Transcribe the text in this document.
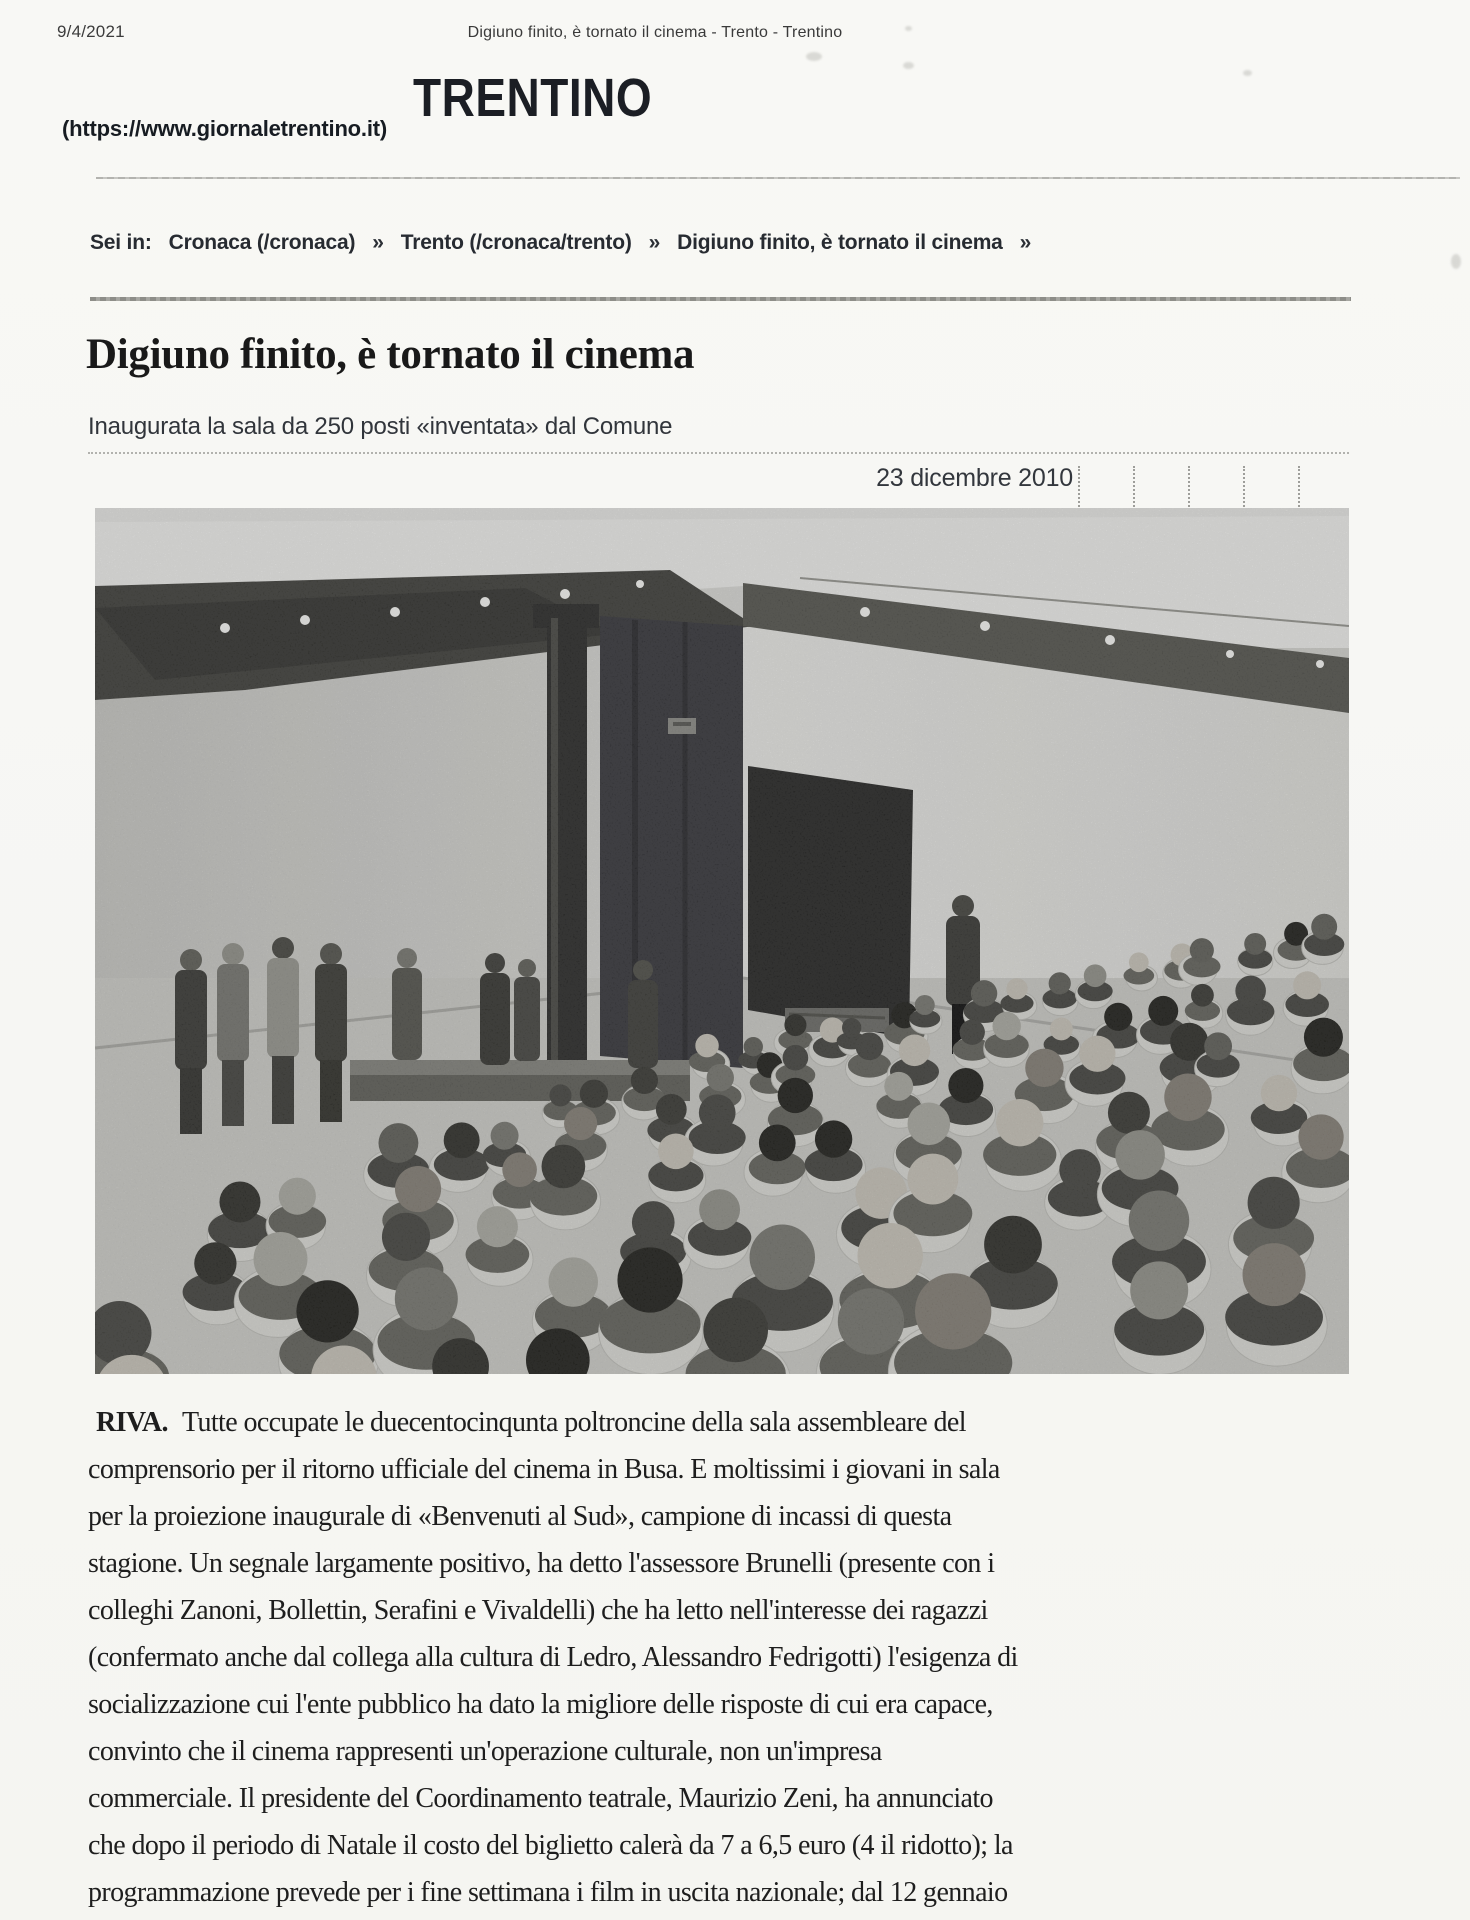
9/4/2021	Digiuno finito, è tornato il cinema - Trento - Trentino
TRENTINO
(https://www.giornaletrentino.it)
Sei in: Cronaca (/cronaca) » Trento (/cronaca/trento) » Digiuno finito, è tornato il cinema »
Digiuno finito, è tornato il cinema
Inaugurata la sala da 250 posti «inventata» dal Comune
23 dicembre 2010
RIVA. Tutte occupate le duecentocinqunta poltroncine della sala assembleare del
comprensorio per il ritorno ufficiale del cinema in Busa. E moltissimi i giovani in sala
per la proiezione inaugurale di «Benvenuti al Sud», campione di incassi di questa
stagione. Un segnale largamente positivo, ha detto l'assessore Brunelli (presente con i
colleghi Zanoni, Bollettin, Serafini e Vivaldelli) che ha letto nell'interesse dei ragazzi
(confermato anche dal collega alla cultura di Ledro, Alessandro Fedrigotti) l'esigenza di
socializzazione cui l'ente pubblico ha dato la migliore delle risposte di cui era capace,
convinto che il cinema rappresenti un'operazione culturale, non un'impresa
commerciale. Il presidente del Coordinamento teatrale, Maurizio Zeni, ha annunciato
che dopo il periodo di Natale il costo del biglietto calerà da 7 a 6,5 euro (4 il ridotto); la
programmazione prevede per i fine settimana i film in uscita nazionale; dal 12 gennaio
